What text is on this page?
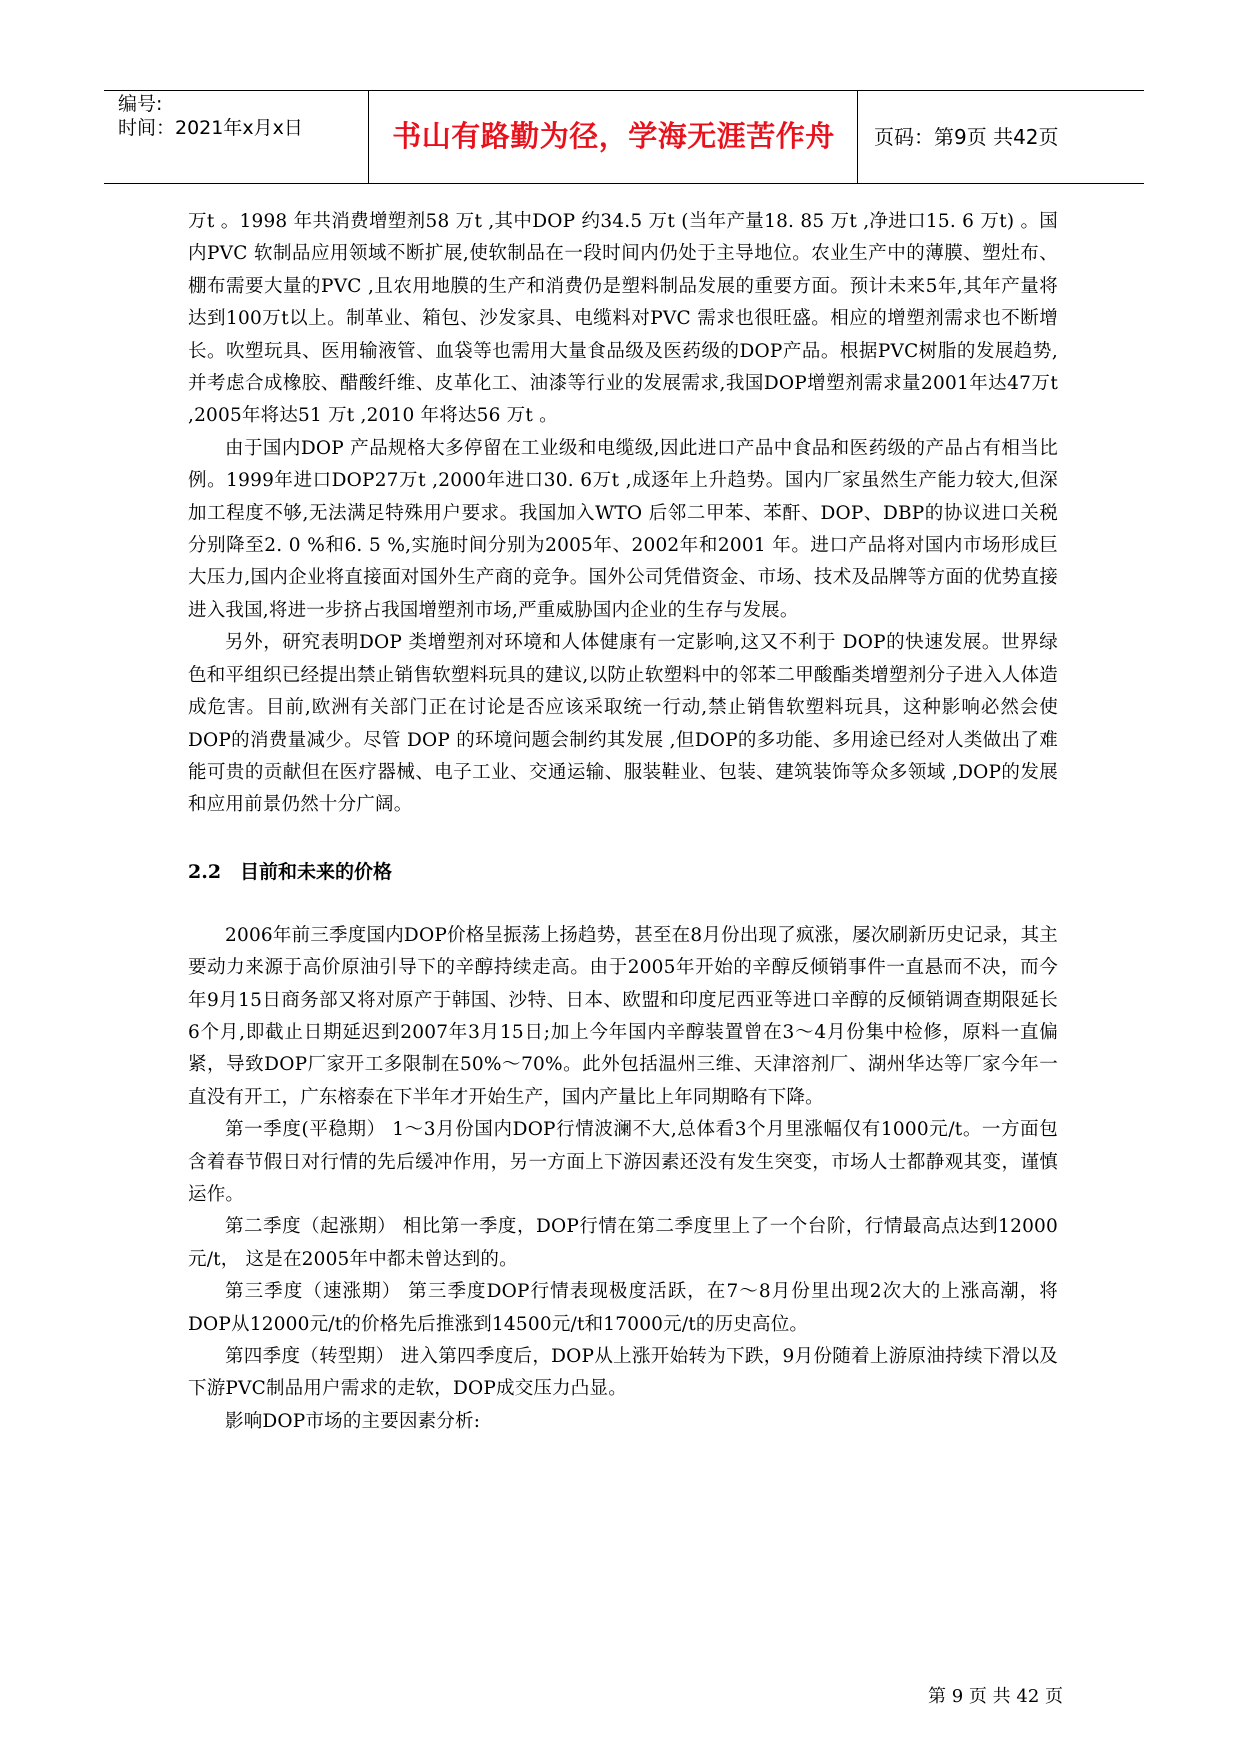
编号:
时间：2021年x月x日	书山有路勤为径，学海无涯苦作舟	页码：第9页 共42页

万t 。1998 年共消费增塑剂58 万t ,其中DOP 约34.5 万t (当年产量18. 85 万t ,净进口15. 6 万t) 。国内PVC 软制品应用领域不断扩展,使软制品在一段时间内仍处于主导地位。农业生产中的薄膜、塑灶布、棚布需要大量的PVC ,且农用地膜的生产和消费仍是塑料制品发展的重要方面。预计未来5年,其年产量将达到100万t以上。制革业、箱包、沙发家具、电缆料对PVC 需求也很旺盛。相应的增塑剂需求也不断增长。吹塑玩具、医用输液管、血袋等也需用大量食品级及医药级的DOP产品。根据PVC树脂的发展趋势,并考虑合成橡胶、醋酸纤维、皮革化工、油漆等行业的发展需求,我国DOP增塑剂需求量2001年达47万t ,2005年将达51 万t ,2010 年将达56 万t 。

由于国内DOP 产品规格大多停留在工业级和电缆级,因此进口产品中食品和医药级的产品占有相当比例。1999年进口DOP27万t ,2000年进口30. 6万t ,成逐年上升趋势。国内厂家虽然生产能力较大,但深加工程度不够,无法满足特殊用户要求。我国加入WTO 后邻二甲苯、苯酐、DOP、DBP的协议进口关税分别降至2. 0 %和6. 5 %,实施时间分别为2005年、2002年和2001 年。进口产品将对国内市场形成巨大压力,国内企业将直接面对国外生产商的竞争。国外公司凭借资金、市场、技术及品牌等方面的优势直接进入我国,将进一步挤占我国增塑剂市场,严重威胁国内企业的生存与发展。

另外，研究表明DOP 类增塑剂对环境和人体健康有一定影响,这又不利于 DOP的快速发展。世界绿色和平组织已经提出禁止销售软塑料玩具的建议,以防止软塑料中的邻苯二甲酸酯类增塑剂分子进入人体造成危害。目前,欧洲有关部门正在讨论是否应该采取统一行动,禁止销售软塑料玩具，这种影响必然会使DOP的消费量减少。尽管 DOP 的环境问题会制约其发展 ,但DOP的多功能、多用途已经对人类做出了难能可贵的贡献但在医疗器械、电子工业、交通运输、服装鞋业、包装、建筑装饰等众多领域 ,DOP的发展和应用前景仍然十分广阔。

2.2 目前和未来的价格

2006年前三季度国内DOP价格呈振荡上扬趋势，甚至在8月份出现了疯涨，屡次刷新历史记录，其主要动力来源于高价原油引导下的辛醇持续走高。由于2005年开始的辛醇反倾销事件一直悬而不决，而今年9月15日商务部又将对原产于韩国、沙特、日本、欧盟和印度尼西亚等进口辛醇的反倾销调查期限延长6个月,即截止日期延迟到2007年3月15日;加上今年国内辛醇装置曾在3～4月份集中检修，原料一直偏紧，导致DOP厂家开工多限制在50%～70%。此外包括温州三维、天津溶剂厂、湖州华达等厂家今年一直没有开工，广东榕泰在下半年才开始生产，国内产量比上年同期略有下降。

第一季度(平稳期） 1～3月份国内DOP行情波澜不大,总体看3个月里涨幅仅有1000元/t。一方面包含着春节假日对行情的先后缓冲作用，另一方面上下游因素还没有发生突变，市场人士都静观其变，谨慎运作。

第二季度（起涨期） 相比第一季度，DOP行情在第二季度里上了一个台阶，行情最高点达到12000元/t， 这是在2005年中都未曾达到的。

第三季度（速涨期） 第三季度DOP行情表现极度活跃，在7～8月份里出现2次大的上涨高潮，将DOP从12000元/t的价格先后推涨到14500元/t和17000元/t的历史高位。

第四季度（转型期） 进入第四季度后，DOP从上涨开始转为下跌，9月份随着上游原油持续下滑以及下游PVC制品用户需求的走软，DOP成交压力凸显。

影响DOP市场的主要因素分析:

第 9 页 共 42 页
